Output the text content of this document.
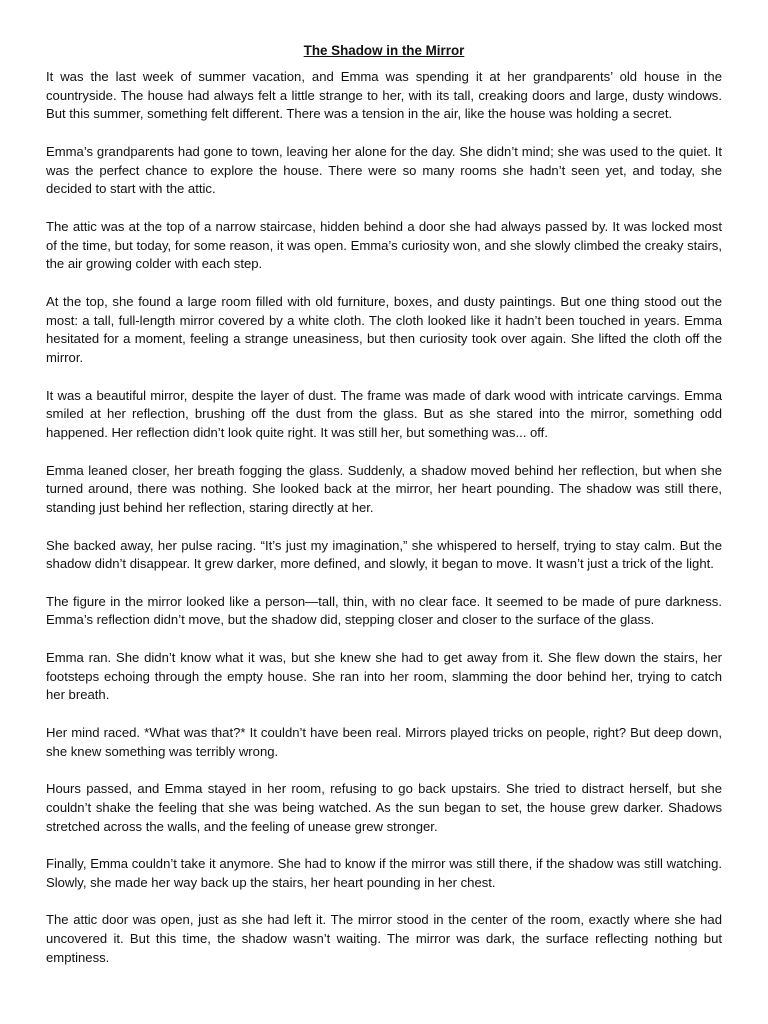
The Shadow in the Mirror

It was the last week of summer vacation, and Emma was spending it at her grandparents’ old house in the countryside. The house had always felt a little strange to her, with its tall, creaking doors and large, dusty windows. But this summer, something felt different. There was a tension in the air, like the house was holding a secret.

Emma’s grandparents had gone to town, leaving her alone for the day. She didn’t mind; she was used to the quiet. It was the perfect chance to explore the house. There were so many rooms she hadn’t seen yet, and today, she decided to start with the attic.

The attic was at the top of a narrow staircase, hidden behind a door she had always passed by. It was locked most of the time, but today, for some reason, it was open. Emma’s curiosity won, and she slowly climbed the creaky stairs, the air growing colder with each step.

At the top, she found a large room filled with old furniture, boxes, and dusty paintings. But one thing stood out the most: a tall, full-length mirror covered by a white cloth. The cloth looked like it hadn’t been touched in years. Emma hesitated for a moment, feeling a strange uneasiness, but then curiosity took over again. She lifted the cloth off the mirror.

It was a beautiful mirror, despite the layer of dust. The frame was made of dark wood with intricate carvings. Emma smiled at her reflection, brushing off the dust from the glass. But as she stared into the mirror, something odd happened. Her reflection didn’t look quite right. It was still her, but something was... off.

Emma leaned closer, her breath fogging the glass. Suddenly, a shadow moved behind her reflection, but when she turned around, there was nothing. She looked back at the mirror, her heart pounding. The shadow was still there, standing just behind her reflection, staring directly at her.

She backed away, her pulse racing. “It’s just my imagination,” she whispered to herself, trying to stay calm. But the shadow didn’t disappear. It grew darker, more defined, and slowly, it began to move. It wasn’t just a trick of the light.

The figure in the mirror looked like a person—tall, thin, with no clear face. It seemed to be made of pure darkness. Emma’s reflection didn’t move, but the shadow did, stepping closer and closer to the surface of the glass.

Emma ran. She didn’t know what it was, but she knew she had to get away from it. She flew down the stairs, her footsteps echoing through the empty house. She ran into her room, slamming the door behind her, trying to catch her breath.

Her mind raced. *What was that?* It couldn’t have been real. Mirrors played tricks on people, right? But deep down, she knew something was terribly wrong.

Hours passed, and Emma stayed in her room, refusing to go back upstairs. She tried to distract herself, but she couldn’t shake the feeling that she was being watched. As the sun began to set, the house grew darker. Shadows stretched across the walls, and the feeling of unease grew stronger.

Finally, Emma couldn’t take it anymore. She had to know if the mirror was still there, if the shadow was still watching. Slowly, she made her way back up the stairs, her heart pounding in her chest.

The attic door was open, just as she had left it. The mirror stood in the center of the room, exactly where she had uncovered it. But this time, the shadow wasn’t waiting. The mirror was dark, the surface reflecting nothing but emptiness.
